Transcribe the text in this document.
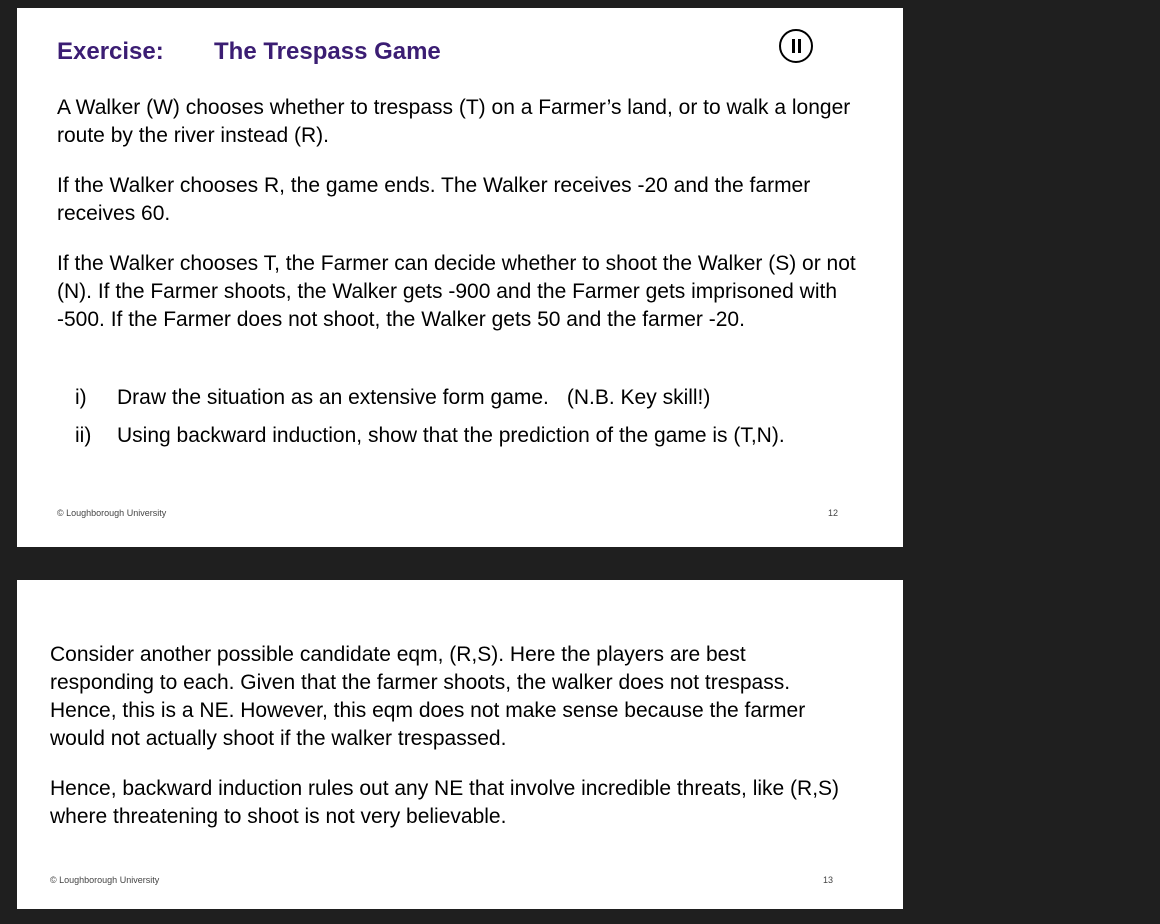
Exercise: The Trespass Game

A Walker (W) chooses whether to trespass (T) on a Farmer’s land, or to walk a longer route by the river instead (R).

If the Walker chooses R, the game ends. The Walker receives -20 and the farmer receives 60.

If the Walker chooses T, the Farmer can decide whether to shoot the Walker (S) or not (N). If the Farmer shoots, the Walker gets -900 and the Farmer gets imprisoned with -500. If the Farmer does not shoot, the Walker gets 50 and the farmer -20.

i) Draw the situation as an extensive form game. (N.B. Key skill!)
ii) Using backward induction, show that the prediction of the game is (T,N).
© Loughborough University	12

Consider another possible candidate eqm, (R,S). Here the players are best responding to each. Given that the farmer shoots, the walker does not trespass. Hence, this is a NE. However, this eqm does not make sense because the farmer would not actually shoot if the walker trespassed.

Hence, backward induction rules out any NE that involve incredible threats, like (R,S) where threatening to shoot is not very believable.

© Loughborough University	13
